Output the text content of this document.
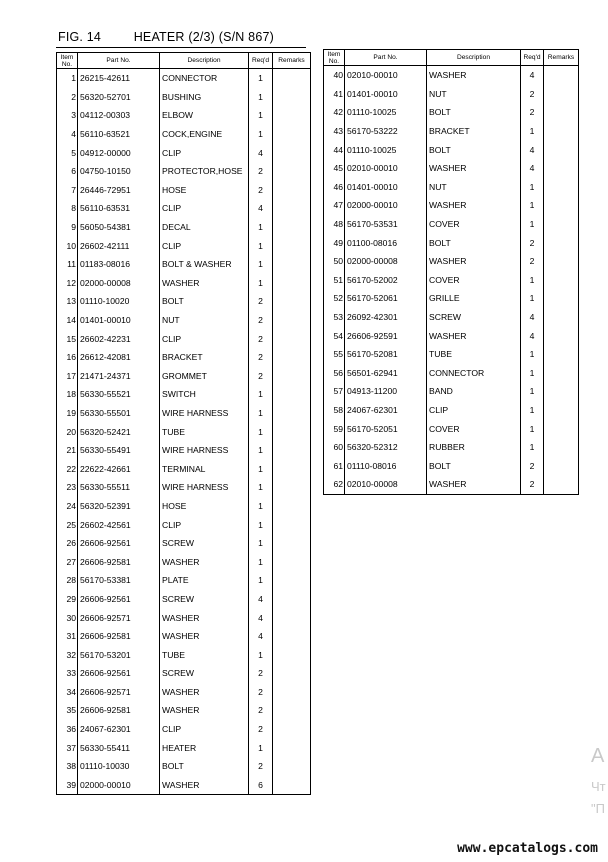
FIG. 14	HEATER (2/3) (S/N 867)
Item No.	Part No.	Description	Req'd	Remarks
1	26215-42611	CONNECTOR	1	
2	56320-52701	BUSHING	1	
3	04112-00303	ELBOW	1	
4	56110-63521	COCK,ENGINE	1	
5	04912-00000	CLIP	4	
6	04750-10150	PROTECTOR,HOSE	2	
7	26446-72951	HOSE	2	
8	56110-63531	CLIP	4	
9	56050-54381	DECAL	1	
10	26602-42111	CLIP	1	
11	01183-08016	BOLT & WASHER	1	
12	02000-00008	WASHER	1	
13	01110-10020	BOLT	2	
14	01401-00010	NUT	2	
15	26602-42231	CLIP	2	
16	26612-42081	BRACKET	2	
17	21471-24371	GROMMET	2	
18	56330-55521	SWITCH	1	
19	56330-55501	WIRE HARNESS	1	
20	56320-52421	TUBE	1	
21	56330-55491	WIRE HARNESS	1	
22	22622-42661	TERMINAL	1	
23	56330-55511	WIRE HARNESS	1	
24	56320-52391	HOSE	1	
25	26602-42561	CLIP	1	
26	26606-92561	SCREW	1	
27	26606-92581	WASHER	1	
28	56170-53381	PLATE	1	
29	26606-92561	SCREW	4	
30	26606-92571	WASHER	4	
31	26606-92581	WASHER	4	
32	56170-53201	TUBE	1	
33	26606-92561	SCREW	2	
34	26606-92571	WASHER	2	
35	26606-92581	WASHER	2	
36	24067-62301	CLIP	2	
37	56330-55411	HEATER	1	
38	01110-10030	BOLT	2	
39	02000-00010	WASHER	6	
Item No.	Part No.	Description	Req'd	Remarks
40	02010-00010	WASHER	4	
41	01401-00010	NUT	2	
42	01110-10025	BOLT	2	
43	56170-53222	BRACKET	1	
44	01110-10025	BOLT	4	
45	02010-00010	WASHER	4	
46	01401-00010	NUT	1	
47	02000-00010	WASHER	1	
48	56170-53531	COVER	1	
49	01100-08016	BOLT	2	
50	02000-00008	WASHER	2	
51	56170-52002	COVER	1	
52	56170-52061	GRILLE	1	
53	26092-42301	SCREW	4	
54	26606-92591	WASHER	4	
55	56170-52081	TUBE	1	
56	56501-62941	CONNECTOR	1	
57	04913-11200	BAND	1	
58	24067-62301	CLIP	1	
59	56170-52051	COVER	1	
60	56320-52312	RUBBER	1	
61	01110-08016	BOLT	2	
62	02010-00008	WASHER	2	
А
Чт
"П
www.epcatalogs.com
